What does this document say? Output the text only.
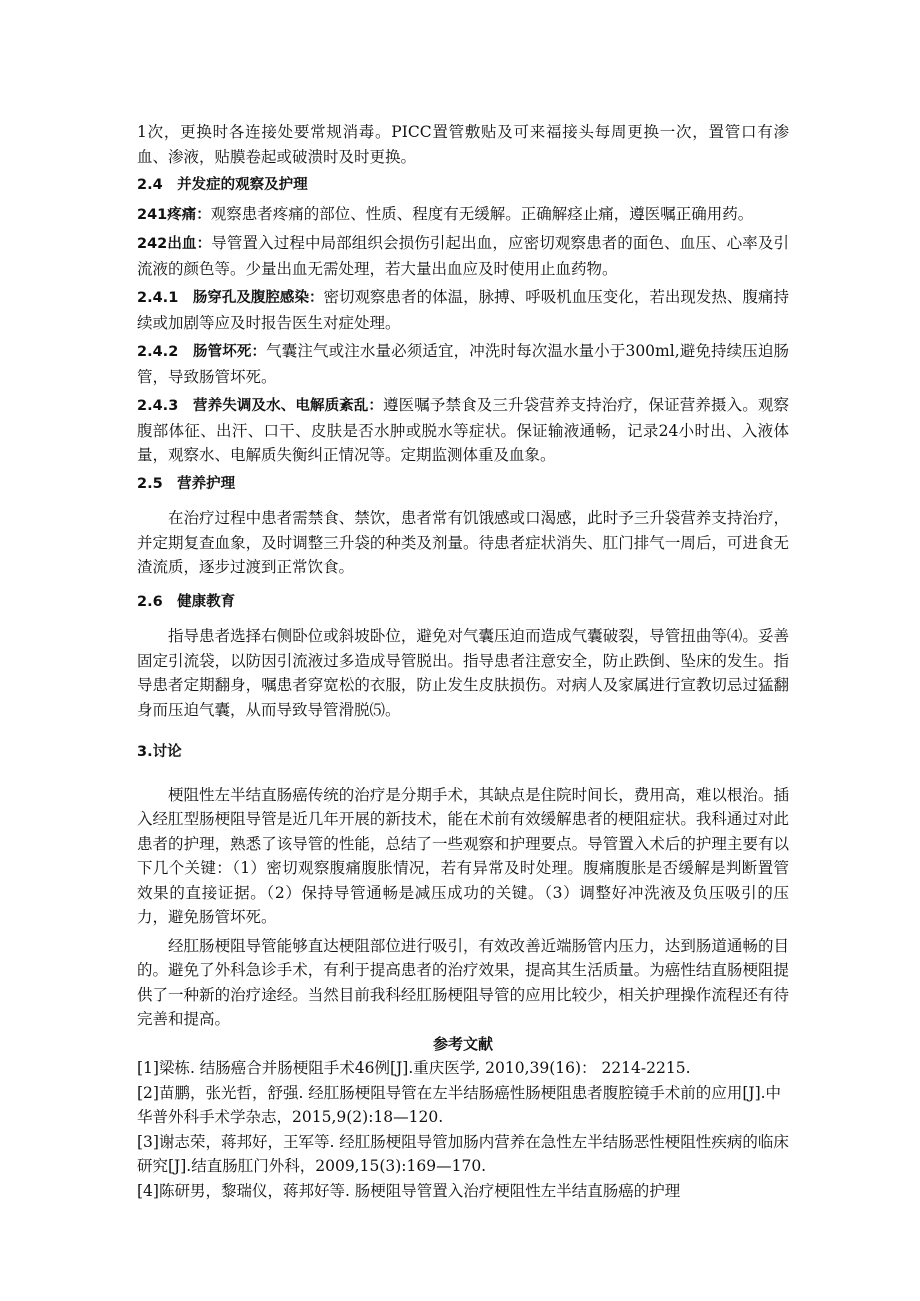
1次，更换时各连接处要常规消毒。PICC置管敷贴及可来福接头每周更换一次，置管口有渗血、渗液，贴膜卷起或破溃时及时更换。

2.4　并发症的观察及护理

241疼痛：观察患者疼痛的部位、性质、程度有无缓解。正确解痉止痛，遵医嘱正确用药。

242出血：导管置入过程中局部组织会损伤引起出血，应密切观察患者的面色、血压、心率及引流液的颜色等。少量出血无需处理，若大量出血应及时使用止血药物。

2.4.1　肠穿孔及腹腔感染：密切观察患者的体温，脉搏、呼吸机血压变化，若出现发热、腹痛持续或加剧等应及时报告医生对症处理。

2.4.2　肠管坏死：气囊注气或注水量必须适宜，冲洗时每次温水量小于300ml,避免持续压迫肠管，导致肠管坏死。

2.4.3　营养失调及水、电解质紊乱：遵医嘱予禁食及三升袋营养支持治疗，保证营养摄入。观察腹部体征、出汗、口干、皮肤是否水肿或脱水等症状。保证输液通畅，记录24小时出、入液体量，观察水、电解质失衡纠正情况等。定期监测体重及血象。

2.5　营养护理

在治疗过程中患者需禁食、禁饮，患者常有饥饿感或口渴感，此时予三升袋营养支持治疗，并定期复查血象，及时调整三升袋的种类及剂量。待患者症状消失、肛门排气一周后，可进食无渣流质，逐步过渡到正常饮食。

2.6　健康教育

指导患者选择右侧卧位或斜坡卧位，避免对气囊压迫而造成气囊破裂，导管扭曲等⑷。妥善固定引流袋，以防因引流液过多造成导管脱出。指导患者注意安全，防止跌倒、坠床的发生。指导患者定期翻身，嘱患者穿宽松的衣服，防止发生皮肤损伤。对病人及家属进行宣教切忌过猛翻身而压迫气囊，从而导致导管滑脱⑸。

3.讨论

梗阻性左半结直肠癌传统的治疗是分期手术，其缺点是住院时间长，费用高，难以根治。插入经肛型肠梗阻导管是近几年开展的新技术，能在术前有效缓解患者的梗阻症状。我科通过对此患者的护理，熟悉了该导管的性能，总结了一些观察和护理要点。导管置入术后的护理主要有以下几个关键：（1）密切观察腹痛腹胀情况，若有异常及时处理。腹痛腹胀是否缓解是判断置管效果的直接证据。（2）保持导管通畅是减压成功的关键。（3）调整好冲洗液及负压吸引的压力，避免肠管坏死。

经肛肠梗阻导管能够直达梗阻部位进行吸引，有效改善近端肠管内压力，达到肠道通畅的目的。避免了外科急诊手术，有利于提高患者的治疗效果，提高其生活质量。为癌性结直肠梗阻提供了一种新的治疗途经。当然目前我科经肛肠梗阻导管的应用比较少，相关护理操作流程还有待完善和提高。

参考文献

[1]梁栋. 结肠癌合并肠梗阻手术46例[J].重庆医学, 2010,39(16)： 2214-2215.

[2]苗鹏，张光哲，舒强. 经肛肠梗阻导管在左半结肠癌性肠梗阻患者腹腔镜手术前的应用[J].中华普外科手术学杂志，2015,9(2):18—120.

[3]谢志荣，蒋邦好，王军等. 经肛肠梗阻导管加肠内营养在急性左半结肠恶性梗阻性疾病的临床研究[J].结直肠肛门外科，2009,15(3):169—170.

[4]陈研男，黎瑞仪，蒋邦好等. 肠梗阻导管置入治疗梗阻性左半结直肠癌的护理
